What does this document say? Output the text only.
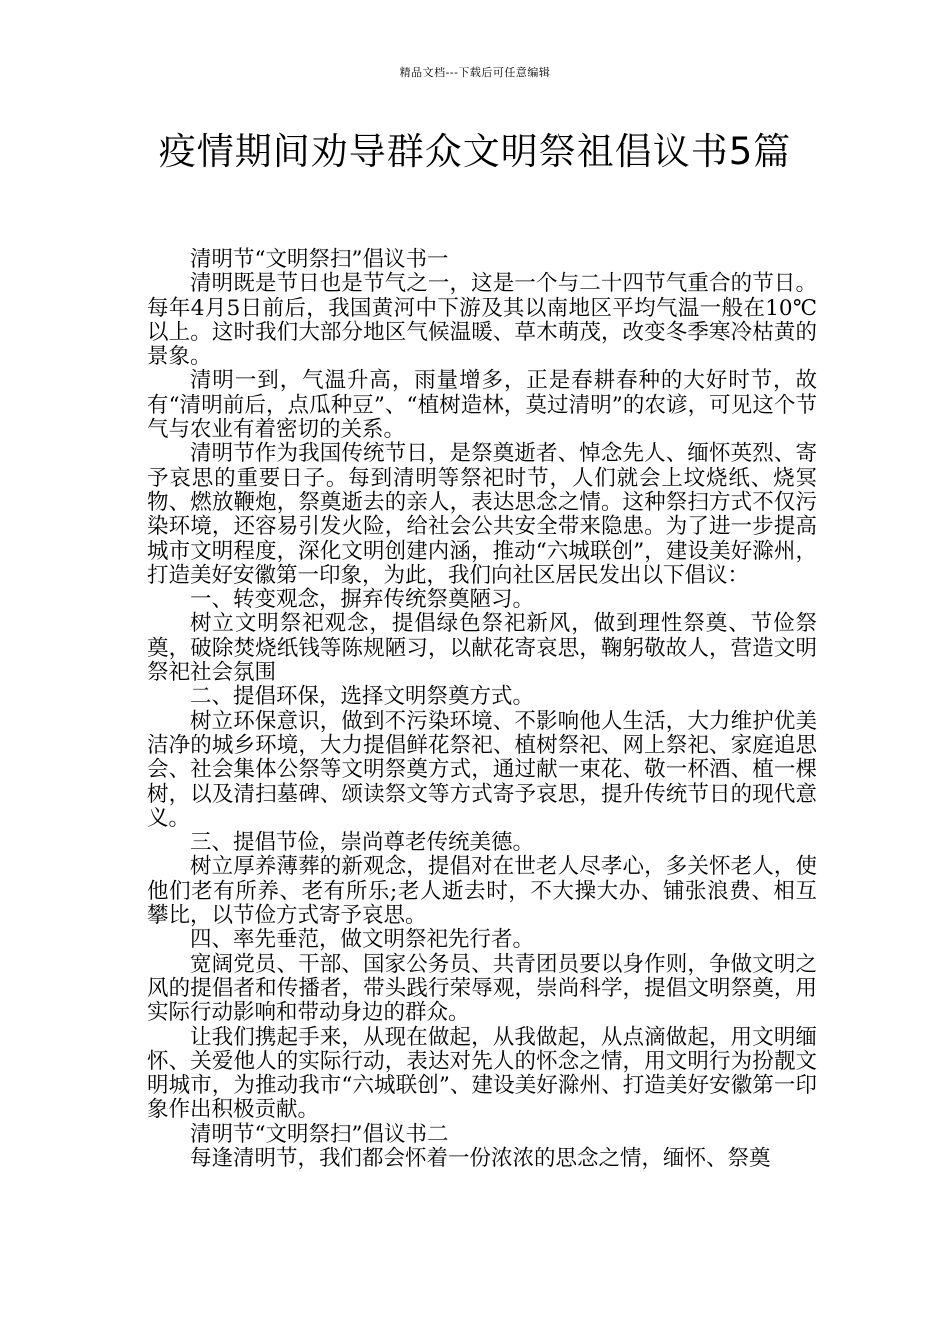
精品文档---下载后可任意编辑
疫情期间劝导群众文明祭祖倡议书5篇

清明节“文明祭扫”倡议书一

清明既是节日也是节气之一，这是一个与二十四节气重合的节日。每年4月5日前后，我国黄河中下游及其以南地区平均气温一般在10℃以上。这时我们大部分地区气候温暖、草木萌茂，改变冬季寒冷枯黄的景象。

清明一到，气温升高，雨量增多，正是春耕春种的大好时节，故有“清明前后，点瓜种豆”、“植树造林，莫过清明”的农谚，可见这个节气与农业有着密切的关系。

清明节作为我国传统节日，是祭奠逝者、悼念先人、缅怀英烈、寄予哀思的重要日子。每到清明等祭祀时节，人们就会上坟烧纸、烧冥物、燃放鞭炮，祭奠逝去的亲人，表达思念之情。这种祭扫方式不仅污染环境，还容易引发火险，给社会公共安全带来隐患。为了进一步提高城市文明程度，深化文明创建内涵，推动“六城联创”，建设美好滁州，打造美好安徽第一印象，为此，我们向社区居民发出以下倡议：

一、转变观念，摒弃传统祭奠陋习。

树立文明祭祀观念，提倡绿色祭祀新风，做到理性祭奠、节俭祭奠，破除焚烧纸钱等陈规陋习，以献花寄哀思，鞠躬敬故人，营造文明祭祀社会氛围

二、提倡环保，选择文明祭奠方式。

树立环保意识，做到不污染环境、不影响他人生活，大力维护优美洁净的城乡环境，大力提倡鲜花祭祀、植树祭祀、网上祭祀、家庭追思会、社会集体公祭等文明祭奠方式，通过献一束花、敬一杯酒、植一棵树，以及清扫墓碑、颂读祭文等方式寄予哀思，提升传统节日的现代意义。

三、提倡节俭，崇尚尊老传统美德。

树立厚养薄葬的新观念，提倡对在世老人尽孝心，多关怀老人，使他们老有所养、老有所乐;老人逝去时，不大操大办、铺张浪费、相互攀比，以节俭方式寄予哀思。

四、率先垂范，做文明祭祀先行者。

宽阔党员、干部、国家公务员、共青团员要以身作则，争做文明之风的提倡者和传播者，带头践行荣辱观，崇尚科学，提倡文明祭奠，用实际行动影响和带动身边的群众。

让我们携起手来，从现在做起，从我做起，从点滴做起，用文明缅怀、关爱他人的实际行动，表达对先人的怀念之情，用文明行为扮靓文明城市，为推动我市“六城联创”、建设美好滁州、打造美好安徽第一印象作出积极贡献。

清明节“文明祭扫”倡议书二

每逢清明节，我们都会怀着一份浓浓的思念之情，缅怀、祭奠
